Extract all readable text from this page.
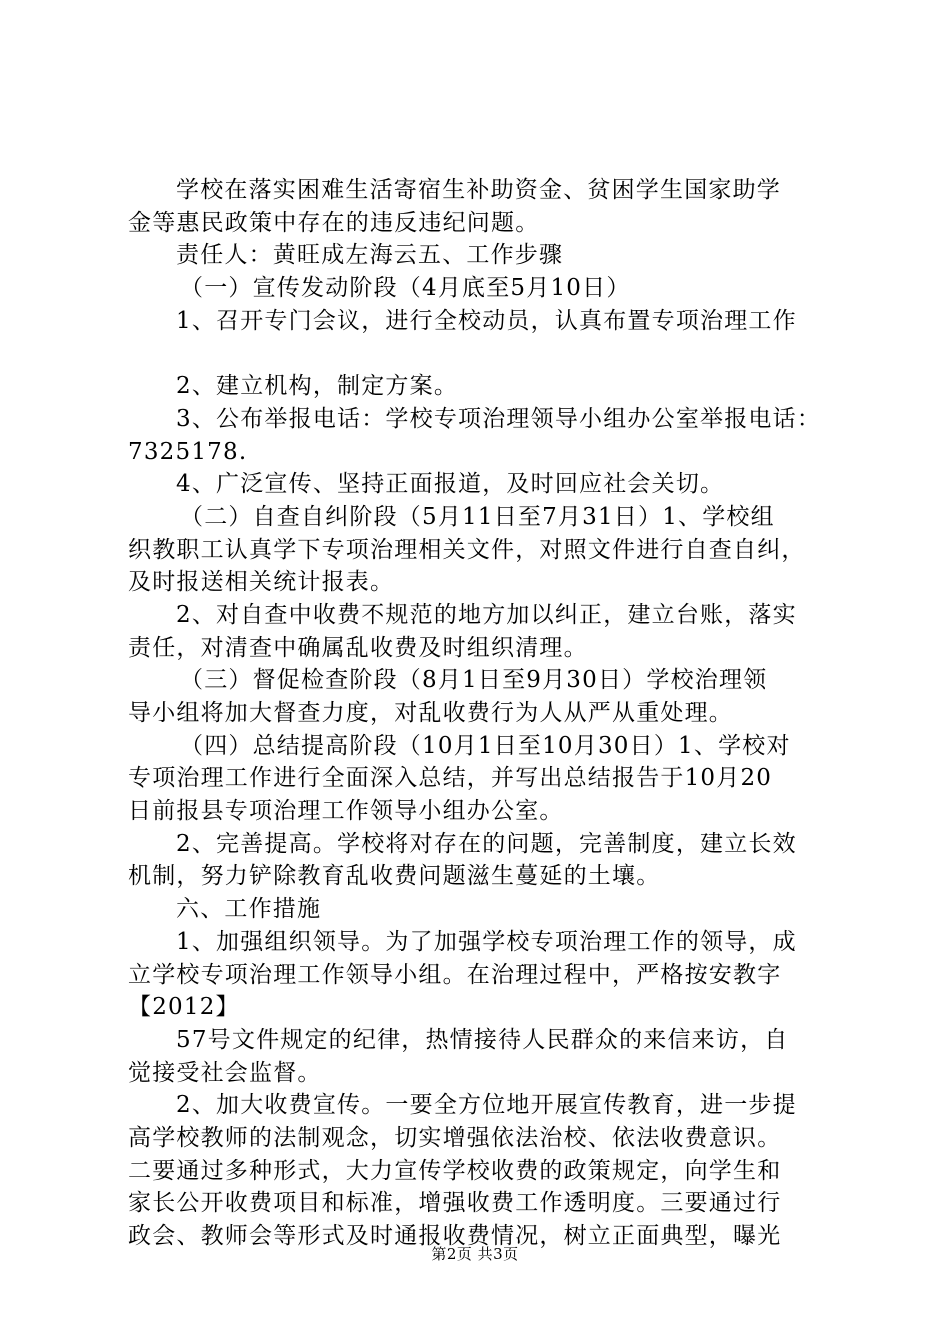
学校在落实困难生活寄宿生补助资金、贫困学生国家助学
金等惠民政策中存在的违反违纪问题。
责任人：黄旺成左海云五、工作步骤
（一）宣传发动阶段（4月底至5月10日）
1、召开专门会议，进行全校动员，认真布置专项治理工作
2、建立机构，制定方案。
3、公布举报电话：学校专项治理领导小组办公室举报电话：
7325178.
4、广泛宣传、坚持正面报道，及时回应社会关切。
（二）自查自纠阶段（5月11日至7月31日）1、学校组
织教职工认真学下专项治理相关文件，对照文件进行自查自纠，
及时报送相关统计报表。
2、对自查中收费不规范的地方加以纠正，建立台账，落实
责任，对清查中确属乱收费及时组织清理。
（三）督促检查阶段（8月1日至9月30日）学校治理领
导小组将加大督查力度，对乱收费行为人从严从重处理。
（四）总结提高阶段（10月1日至10月30日）1、学校对
专项治理工作进行全面深入总结，并写出总结报告于10月20
日前报县专项治理工作领导小组办公室。
2、完善提高。学校将对存在的问题，完善制度，建立长效
机制，努力铲除教育乱收费问题滋生蔓延的土壤。
六、工作措施
1、加强组织领导。为了加强学校专项治理工作的领导，成
立学校专项治理工作领导小组。在治理过程中，严格按安教字
【2012】
57号文件规定的纪律，热情接待人民群众的来信来访，自
觉接受社会监督。
2、加大收费宣传。一要全方位地开展宣传教育，进一步提
高学校教师的法制观念，切实增强依法治校、依法收费意识。
二要通过多种形式，大力宣传学校收费的政策规定，向学生和
家长公开收费项目和标准，增强收费工作透明度。三要通过行
政会、教师会等形式及时通报收费情况，树立正面典型，曝光
第2页 共3页
